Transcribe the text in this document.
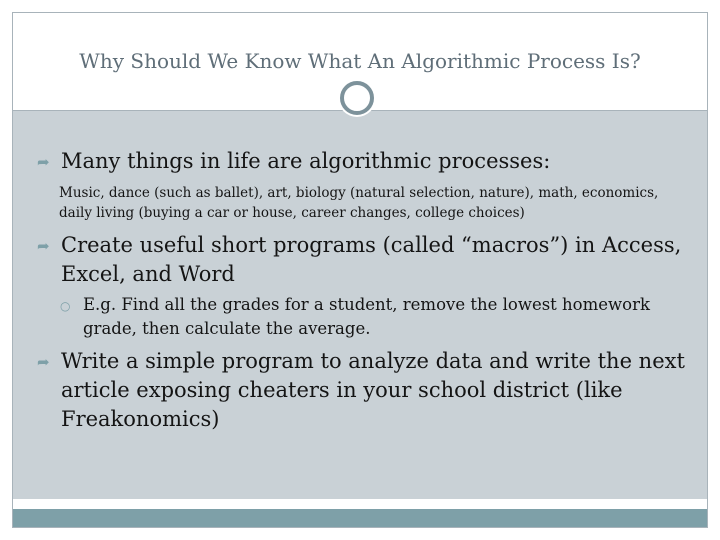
Why Should We Know What An Algorithmic Process Is?
➦ Many things in life are algorithmic processes:
Music, dance (such as ballet), art, biology (natural selection, nature), math, economics, daily living (buying a car or house, career changes, college choices)
➦ Create useful short programs (called “macros”) in Access, Excel, and Word
○ E.g. Find all the grades for a student, remove the lowest homework grade, then calculate the average.
➦ Write a simple program to analyze data and write the next article exposing cheaters in your school district (like Freakonomics)
